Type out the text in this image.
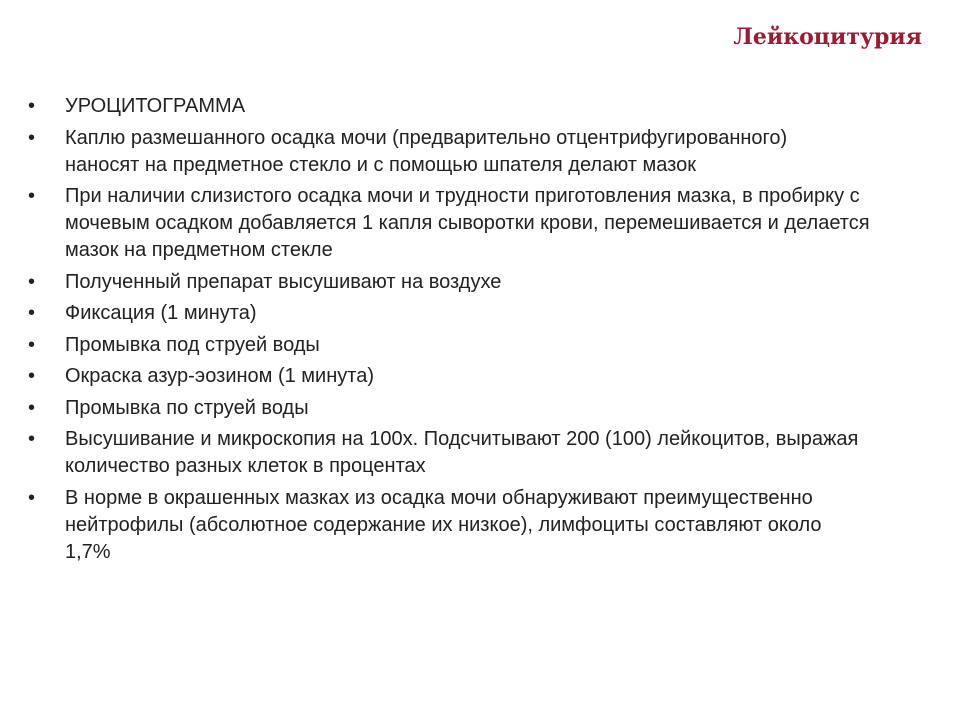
Лейкоцитурия
•	УРОЦИТОГРАММА
•	Каплю размешанного осадка мочи (предварительно отцентрифугированного) наносят на предметное стекло и с помощью шпателя делают мазок
•	При наличии слизистого осадка мочи и трудности приготовления мазка, в пробирку с мочевым осадком добавляется 1 капля сыворотки крови, перемешивается и делается мазок на предметном стекле
•	Полученный препарат высушивают на воздухе
•	Фиксация (1 минута)
•	Промывка под струей воды
•	Окраска азур-эозином (1 минута)
•	Промывка по струей воды
•	Высушивание и микроскопия на 100х. Подсчитывают 200 (100) лейкоцитов, выражая количество разных клеток в процентах
•	В норме в окрашенных мазках из осадка мочи обнаруживают преимущественно нейтрофилы (абсолютное содержание их низкое), лимфоциты составляют около 1,7%
